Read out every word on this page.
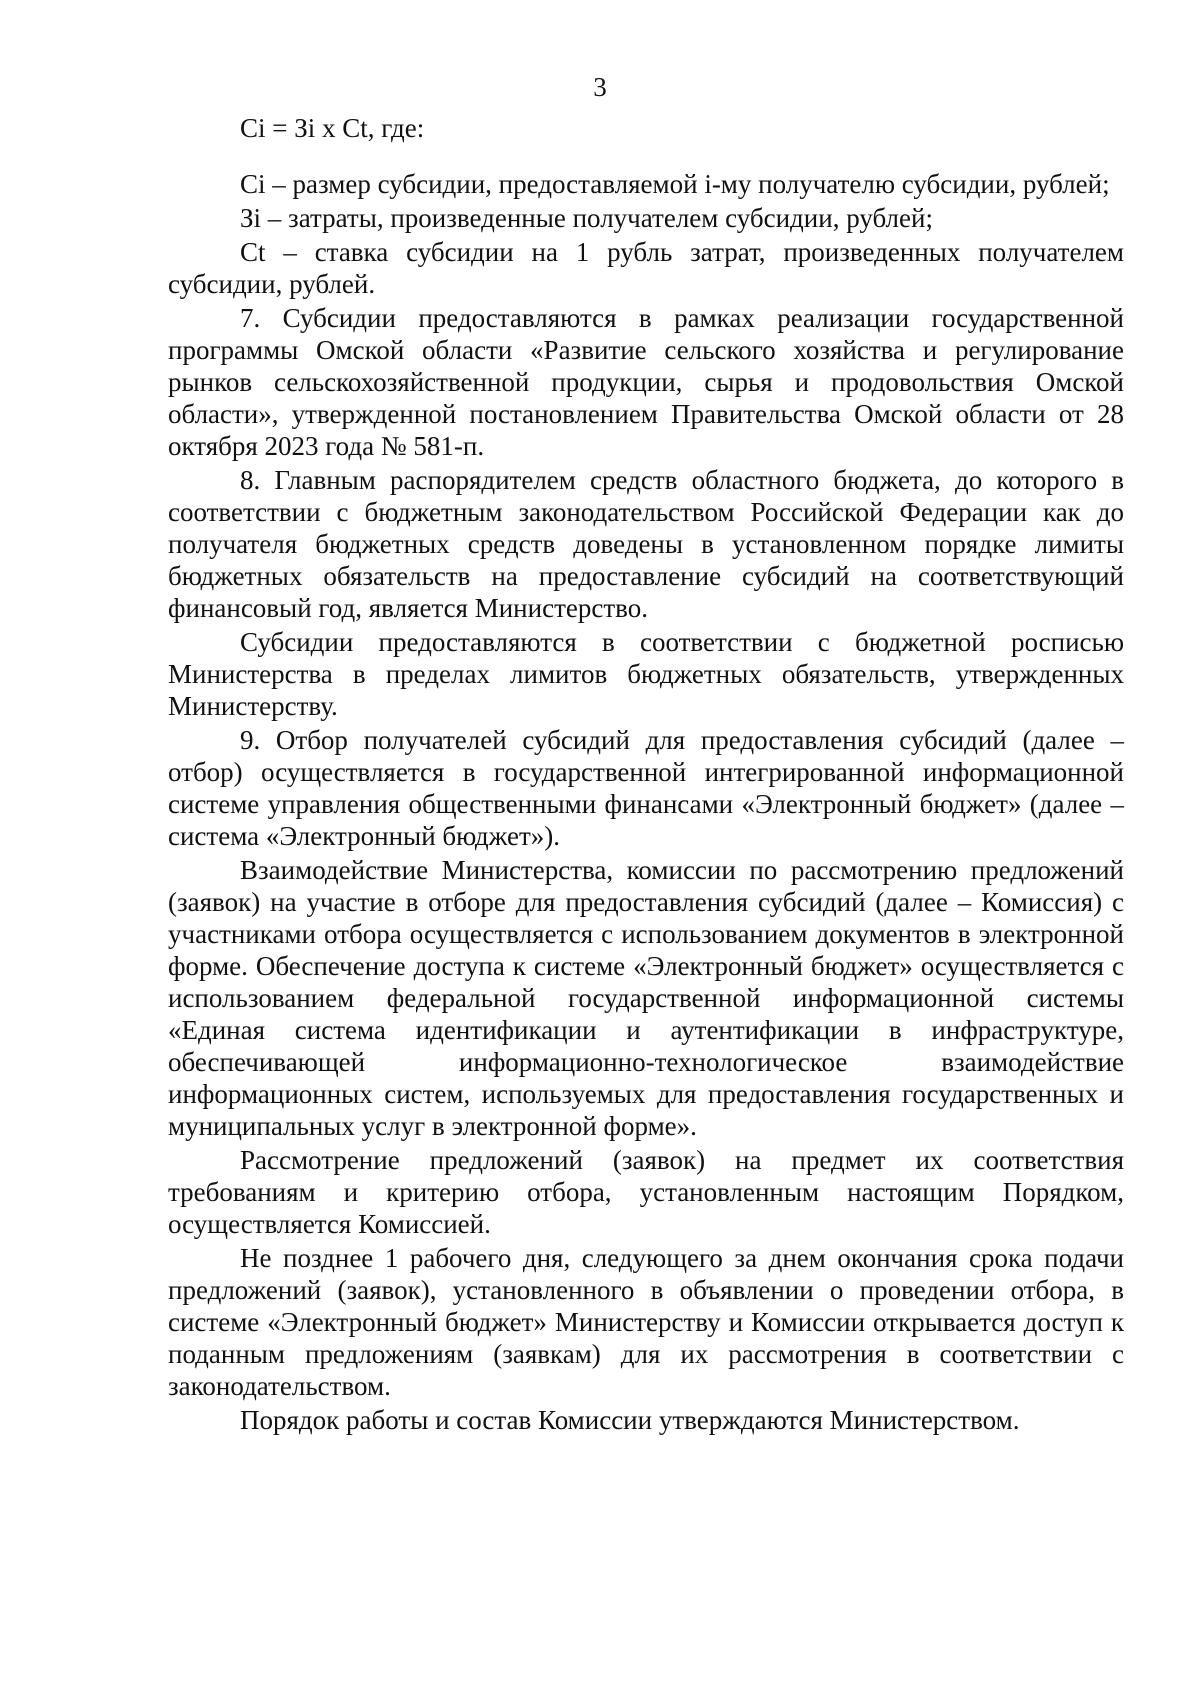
3

Ci = Зi x Ct, где:

Ci – размер субсидии, предоставляемой i-му получателю субсидии, рублей;

Зi – затраты, произведенные получателем субсидии, рублей;

Ct – ставка субсидии на 1 рубль затрат, произведенных получателем субсидии, рублей.

7. Субсидии предоставляются в рамках реализации государственной программы Омской области «Развитие сельского хозяйства и регулирование рынков сельскохозяйственной продукции, сырья и продовольствия Омской области», утвержденной постановлением Правительства Омской области от 28 октября 2023 года № 581-п.

8. Главным распорядителем средств областного бюджета, до которого в соответствии с бюджетным законодательством Российской Федерации как до получателя бюджетных средств доведены в установленном порядке лимиты бюджетных обязательств на предоставление субсидий на соответствующий финансовый год, является Министерство.

Субсидии предоставляются в соответствии с бюджетной росписью Министерства в пределах лимитов бюджетных обязательств, утвержденных Министерству.

9. Отбор получателей субсидий для предоставления субсидий (далее – отбор) осуществляется в государственной интегрированной информационной системе управления общественными финансами «Электронный бюджет» (далее – система «Электронный бюджет»).

Взаимодействие Министерства, комиссии по рассмотрению предложений (заявок) на участие в отборе для предоставления субсидий (далее – Комиссия) с участниками отбора осуществляется с использованием документов в электронной форме. Обеспечение доступа к системе «Электронный бюджет» осуществляется с использованием федеральной государственной информационной системы «Единая система идентификации и аутентификации в инфраструктуре, обеспечивающей информационно-технологическое взаимодействие информационных систем, используемых для предоставления государственных и муниципальных услуг в электронной форме».

Рассмотрение предложений (заявок) на предмет их соответствия требованиям и критерию отбора, установленным настоящим Порядком, осуществляется Комиссией.

Не позднее 1 рабочего дня, следующего за днем окончания срока подачи предложений (заявок), установленного в объявлении о проведении отбора, в системе «Электронный бюджет» Министерству и Комиссии открывается доступ к поданным предложениям (заявкам) для их рассмотрения в соответствии с законодательством.

Порядок работы и состав Комиссии утверждаются Министерством.
